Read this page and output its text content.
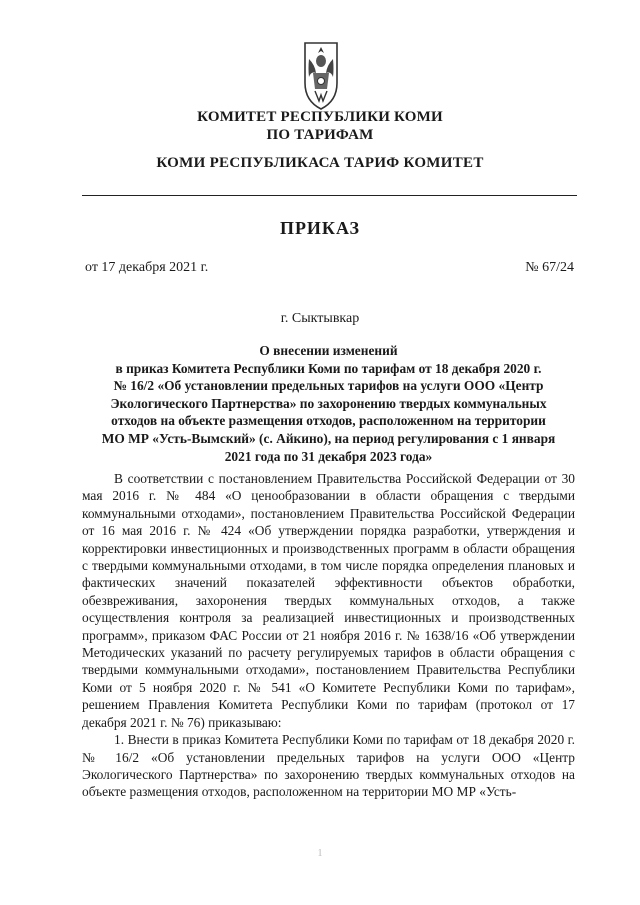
КОМИТЕТ РЕСПУБЛИКИ КОМИ
ПО ТАРИФАМ
КОМИ РЕСПУБЛИКАСА ТАРИФ КОМИТЕТ
ПРИКАЗ
от 17 декабря 2021 г.	№ 67/24
г. Сыктывкар
О внесении изменений
в приказ Комитета Республики Коми по тарифам от 18 декабря 2020 г.
№ 16/2 «Об установлении предельных тарифов на услуги ООО «Центр
Экологического Партнерства» по захоронению твердых коммунальных
отходов на объекте размещения отходов, расположенном на территории
МО МР «Усть-Вымский» (с. Айкино), на период регулирования с 1 января
2021 года по 31 декабря 2023 года»

В соответствии с постановлением Правительства Российской Федерации от 30 мая 2016 г. № 484 «О ценообразовании в области обращения с твердыми коммунальными отходами», постановлением Правительства Российской Федерации от 16 мая 2016 г. № 424 «Об утверждении порядка разработки, утверждения и корректировки инвестиционных и производственных программ в области обращения с твердыми коммунальными отходами, в том числе порядка определения плановых и фактических значений показателей эффективности объектов обработки, обезвреживания, захоронения твердых коммунальных отходов, а также осуществления контроля за реализацией инвестиционных и производственных программ», приказом ФАС России от 21 ноября 2016 г. № 1638/16 «Об утверждении Методических указаний по расчету регулируемых тарифов в области обращения с твердыми коммунальными отходами», постановлением Правительства Республики Коми от 5 ноября 2020 г. № 541 «О Комитете Республики Коми по тарифам», решением Правления Комитета Республики Коми по тарифам (протокол от 17 декабря 2021 г. № 76) приказываю:

1. Внести в приказ Комитета Республики Коми по тарифам от 18 декабря 2020 г. № 16/2 «Об установлении предельных тарифов на услуги ООО «Центр Экологического Партнерства» по захоронению твердых коммунальных отходов на объекте размещения отходов, расположенном на территории МО МР «Усть-

1
